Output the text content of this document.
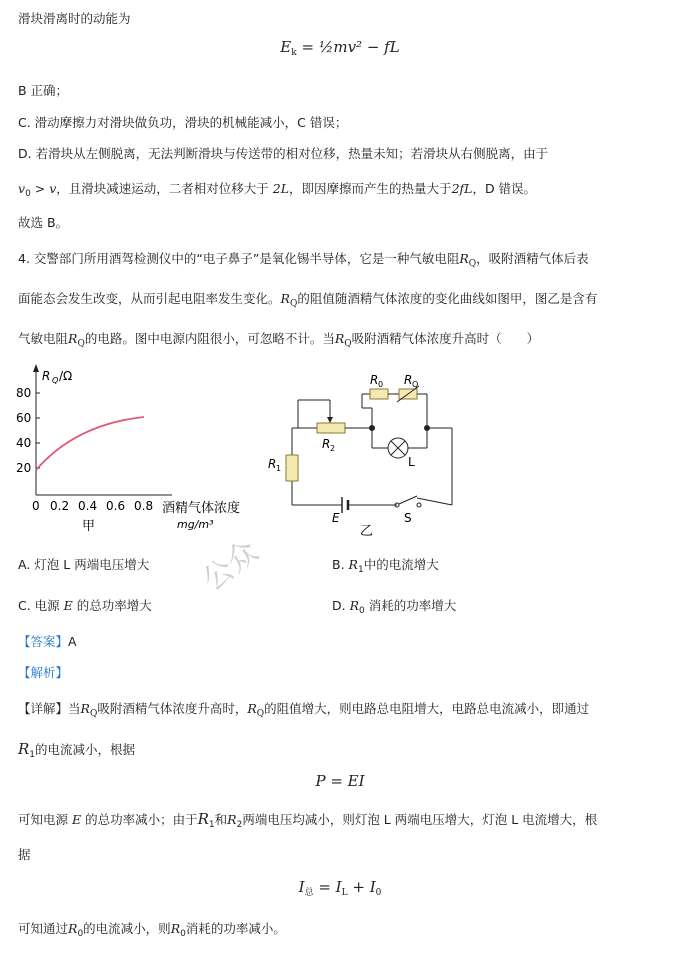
滑块滑离时的动能为
$E_k$ = ½mv² − fL
B 正确；
C. 滑动摩擦力对滑块做负功，滑块的机械能减小，C 错误；
D. 若滑块从左侧脱离，无法判断滑块与传送带的相对位移，热量未知；若滑块从右侧脱离，由于
$v_0 > v$，且滑块减速运动，二者相对位移大于 2L，即因摩擦而产生的热量大于2fL，D 错误。
故选 B。
4. 交警部门所用酒驾检测仪中的“电子鼻子”是氧化锡半导体，它是一种气敏电阻$R_Q$，吸附酒精气体后表
面能态会发生改变，从而引起电阻率发生变化。$R_Q$的阻值随酒精气体浓度的变化曲线如图甲，图乙是含有
气敏电阻$R_Q$的电路。图中电源内阻很小，可忽略不计。当$R_Q$吸附酒精气体浓度升高时（　　）
R Q /Ω
80
60
40
20
0 0.2 0.4 0.6 0.8 酒精气体浓度
mg/m³
甲
E	S
R 1
R 2
R 0 R Q
L
乙
公众
A. 灯泡 L 两端电压增大	B. $R_1$中的电流增大
C. 电源 E 的总功率增大	D. $R_0$ 消耗的功率增大
【答案】A
【解析】
【详解】当$R_Q$吸附酒精气体浓度升高时，$R_Q$的阻值增大，则电路总电阻增大，电路总电流减小，即通过
$R_1$的电流减小，根据
P = EI
可知电源 E 的总功率减小；由于$R_1$和$R_2$两端电压均减小，则灯泡 L 两端电压增大，灯泡 L 电流增大，根
据
$I_总 = I_L + I_0$
可知通过$R_0$的电流减小，则$R_0$消耗的功率减小。
